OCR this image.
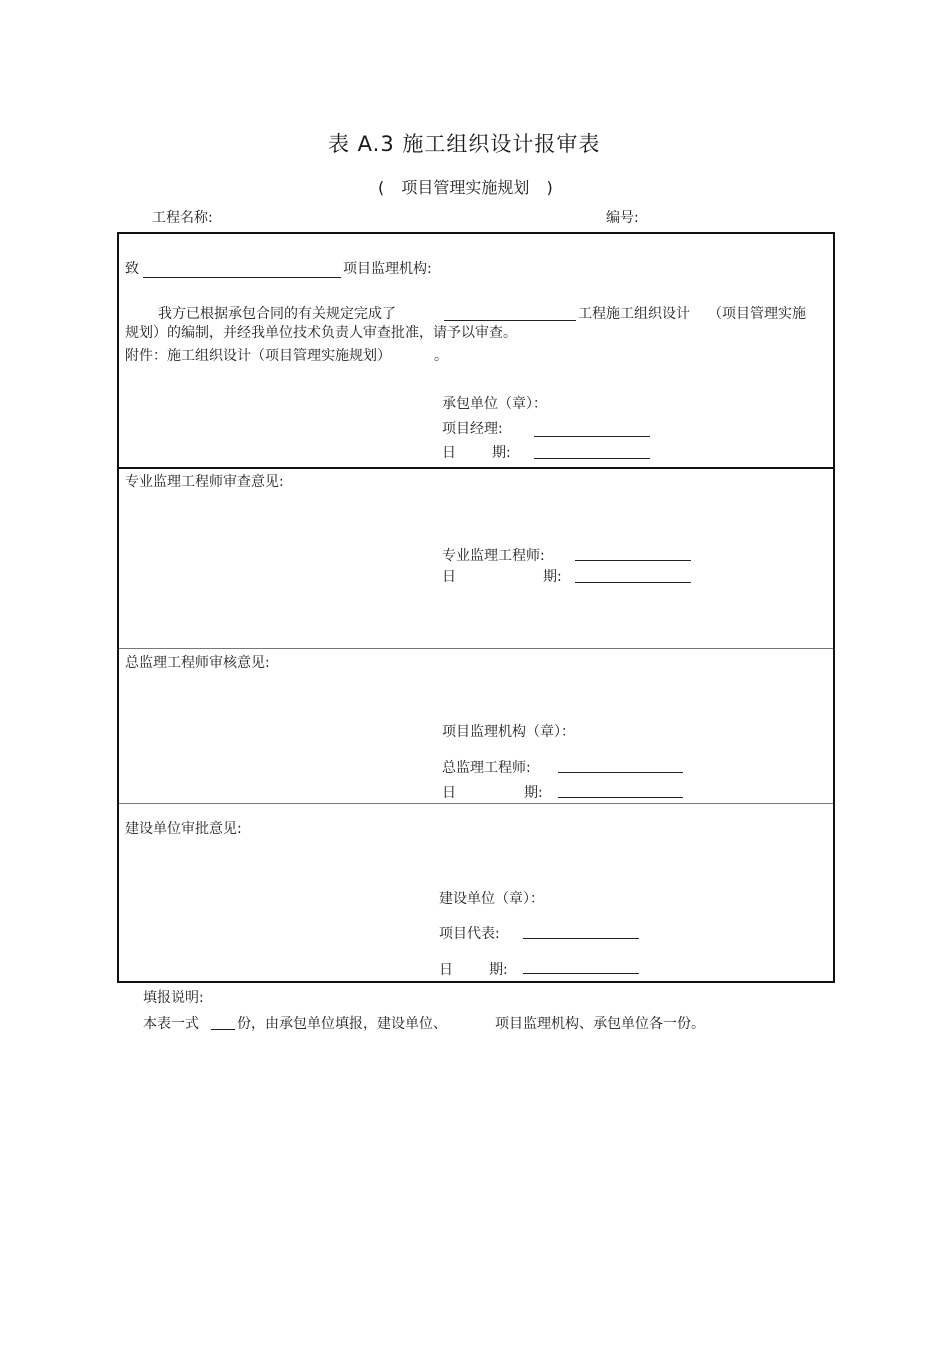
表 A.3 施工组织设计报审表
( 项目管理实施规划 )
工程名称:	编号:
致	项目监理机构:
我方已根据承包合同的有关规定完成了	工程施工组织设计 （项目管理实施
规划）的编制，并经我单位技术负责人审查批准，请予以审查。
附件：施工组织设计（项目管理实施规划）	。
承包单位（章）：
项目经理:
日	期:
专业监理工程师审查意见:
专业监理工程师:
日	期:
总监理工程师审核意见:
项目监理机构（章）：
总监理工程师:
日	期:
建设单位审批意见:
建设单位（章）：
项目代表:
日	期:
填报说明:
本表一式	份，由承包单位填报，建设单位、	项目监理机构、承包单位各一份。
